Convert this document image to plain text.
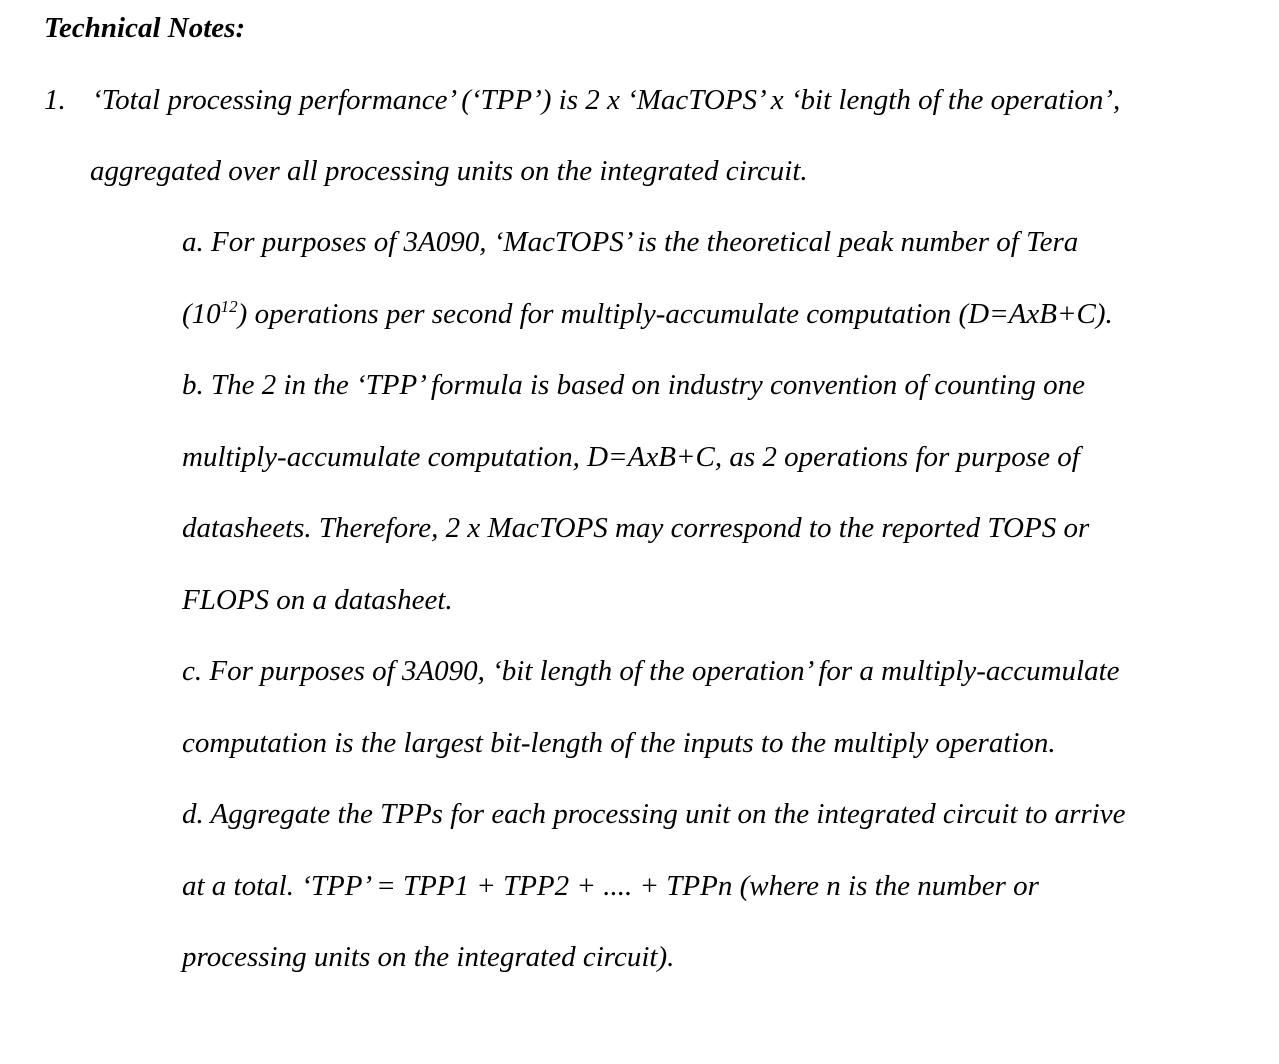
Technical Notes:
1. ‘Total processing performance’ (‘TPP’) is 2 x ‘MacTOPS’ x ‘bit length of the operation’,
aggregated over all processing units on the integrated circuit.
a. For purposes of 3A090, ‘MacTOPS’ is the theoretical peak number of Tera
$(10^{12})$ operations per second for multiply-accumulate computation (D=AxB+C).
b. The 2 in the ‘TPP’ formula is based on industry convention of counting one
multiply-accumulate computation, D=AxB+C, as 2 operations for purpose of
datasheets. Therefore, 2 x MacTOPS may correspond to the reported TOPS or
FLOPS on a datasheet.
c. For purposes of 3A090, ‘bit length of the operation’ for a multiply-accumulate
computation is the largest bit-length of the inputs to the multiply operation.
d. Aggregate the TPPs for each processing unit on the integrated circuit to arrive
at a total. ‘TPP’ = TPP1 + TPP2 + .... + TPPn (where n is the number or
processing units on the integrated circuit).
